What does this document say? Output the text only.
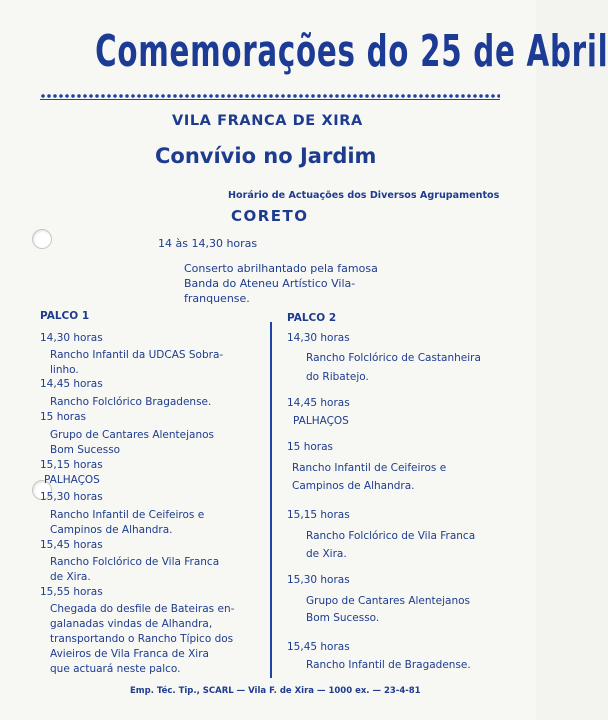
Comemorações do 25 de Abril
VILA FRANCA DE XIRA
Convívio no Jardim
Horário de Actuações dos Diversos Agrupamentos
CORETO
14 às 14,30 horas
Conserto abrilhantado pela famosa Banda do Ateneu Artístico Vila-franquense.
PALCO 1
14,30 horas
Rancho Infantil da UDCAS Sobra-
linho.
14,45 horas
Rancho Folclórico Bragadense.
15 horas
Grupo de Cantares Alentejanos
Bom Sucesso
15,15 horas
PALHAÇOS
15,30 horas
Rancho Infantil de Ceifeiros e
Campinos de Alhandra.
15,45 horas
Rancho Folclórico de Vila Franca
de Xira.
15,55 horas
Chegada do desfile de Bateiras en-
galanadas vindas de Alhandra,
transportando o Rancho Típico dos
Avieiros de Vila Franca de Xira
que actuará neste palco.
PALCO 2
14,30 horas
Rancho Folclórico de Castanheira
do Ribatejo.
14,45 horas
PALHAÇOS
15 horas
Rancho Infantil de Ceifeiros e
Campinos de Alhandra.
15,15 horas
Rancho Folclórico de Vila Franca
de Xira.
15,30 horas
Grupo de Cantares Alentejanos
Bom Sucesso.
15,45 horas
Rancho Infantil de Bragadense.
Emp. Téc. Tip., SCARL — Vila F. de Xira — 1000 ex. — 23-4-81
